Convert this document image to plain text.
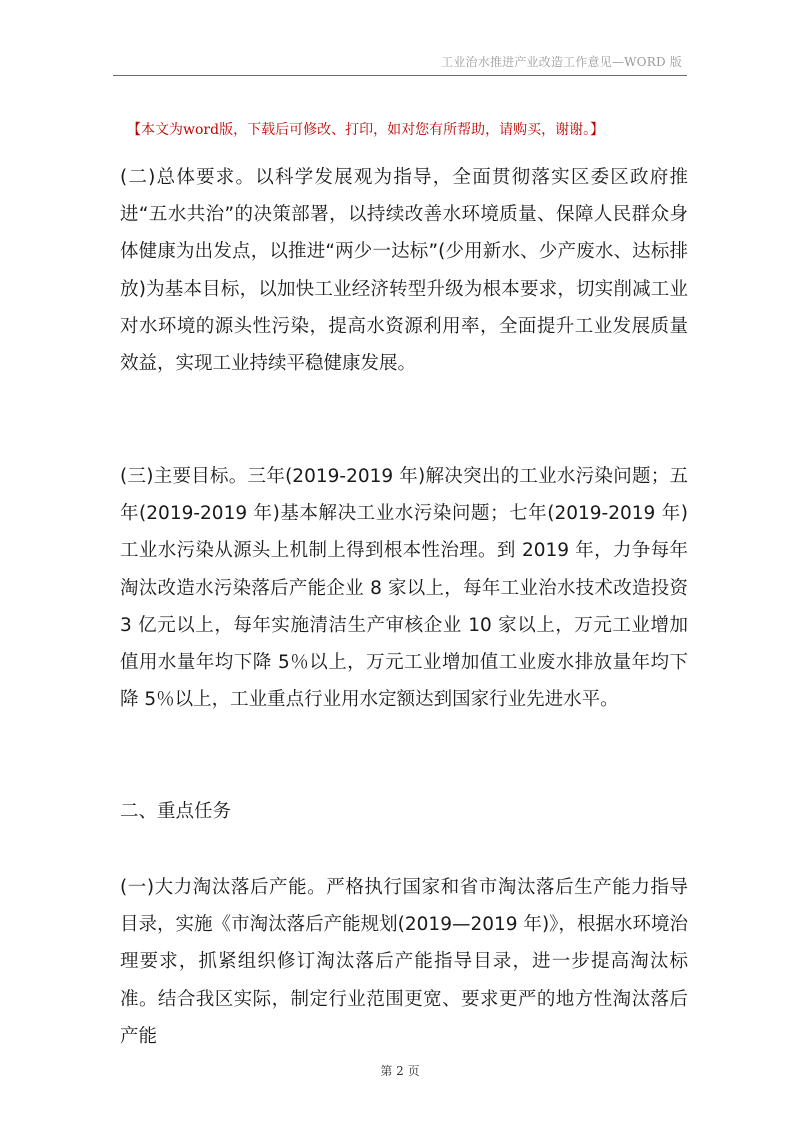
工业治水推进产业改造工作意见—WORD 版
【本文为word版，下载后可修改、打印，如对您有所帮助，请购买，谢谢。】
(二)总体要求。以科学发展观为指导，全面贯彻落实区委区政府推进“五水共治”的决策部署，以持续改善水环境质量、保障人民群众身体健康为出发点，以推进“两少一达标”(少用新水、少产废水、达标排放)为基本目标，以加快工业经济转型升级为根本要求，切实削减工业对水环境的源头性污染，提高水资源利用率，全面提升工业发展质量效益，实现工业持续平稳健康发展。
(三)主要目标。三年(2019-2019 年)解决突出的工业水污染问题；五年(2019-2019 年)基本解决工业水污染问题；七年(2019-2019 年)工业水污染从源头上机制上得到根本性治理。到 2019 年，力争每年淘汰改造水污染落后产能企业 8 家以上，每年工业治水技术改造投资 3 亿元以上，每年实施清洁生产审核企业 10 家以上，万元工业增加值用水量年均下降 5％以上，万元工业增加值工业废水排放量年均下降 5％以上，工业重点行业用水定额达到国家行业先进水平。
二、重点任务
(一)大力淘汰落后产能。严格执行国家和省市淘汰落后生产能力指导目录，实施《市淘汰落后产能规划(2019—2019 年)》，根据水环境治理要求，抓紧组织修订淘汰落后产能指导目录，进一步提高淘汰标准。结合我区实际，制定行业范围更宽、要求更严的地方性淘汰落后产能
第 2 页
